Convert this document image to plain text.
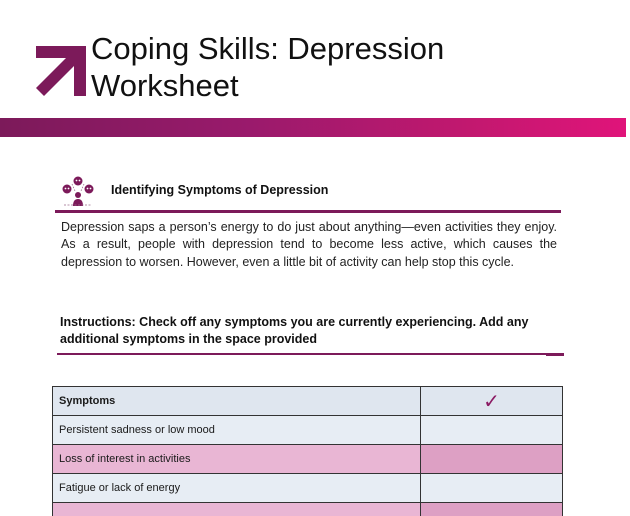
Coping Skills: Depression
Worksheet
Identifying Symptoms of Depression

Depression saps a person’s energy to do just about anything—even activities they enjoy. As a result, people with depression tend to become less active, which causes the depression to worsen. However, even a little bit of activity can help stop this cycle.

Instructions: Check off any symptoms you are currently experiencing. Add any additional symptoms in the space provided

Symptoms	✓
Persistent sadness or low mood	
Loss of interest in activities	
Fatigue or lack of energy	
